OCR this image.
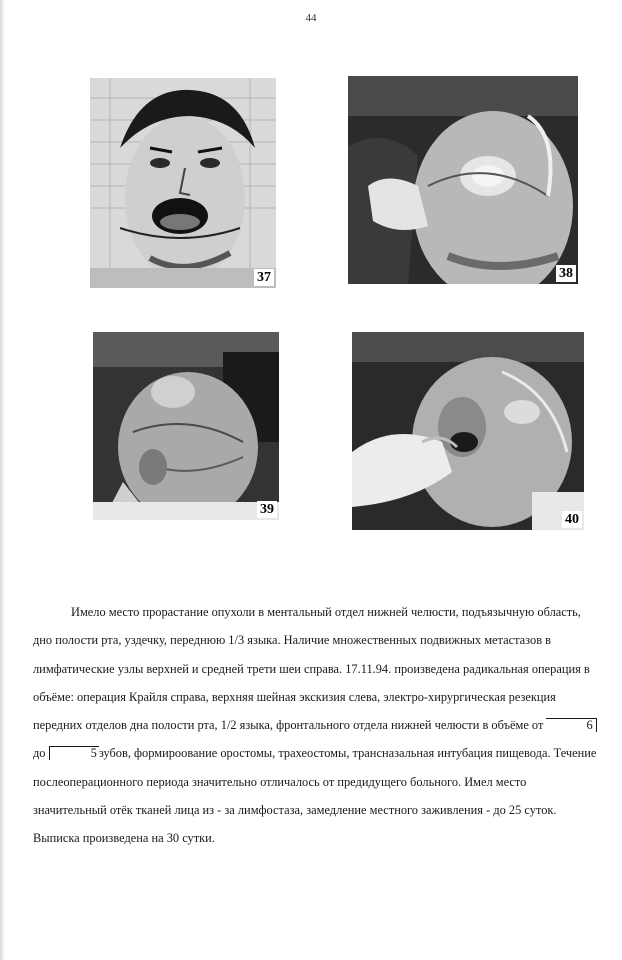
44
37	38
39
40

Имело место прорастание опухоли в ментальный отдел нижней челюсти, подъязычную область, дно полости рта, уздечку, переднюю 1/3 языка. Наличие множественных подвижных метастазов в лимфатические узлы верхней и средней трети шеи справа. 17.11.94. произведена радикальная операция в объёме: операция Крайля справа, верхняя шейная экскизия слева, электро-хирургическая резекция передних отделов дна полости рта, 1/2 языка, фронтального отдела нижней челюсти в объёме от	6 до	5 зубов, формироование оростомы, трахеостомы, трансназальная интубация пищевода. Течение послеоперационного периода значительно отличалось от предидущего больного. Имел место значительный отёк тканей лица из - за лимфостаза, замедление местного заживления - до 25 суток. Выписка произведена на 30 сутки.
